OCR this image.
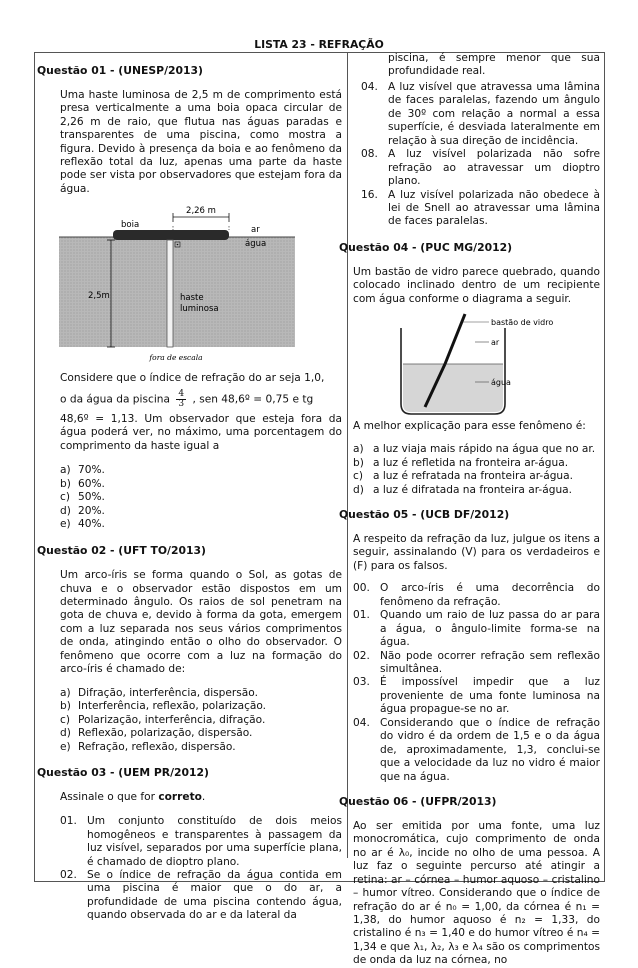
LISTA 23 - REFRAÇÃO
Questão 01 - (UNESP/2013)
Uma haste luminosa de 2,5 m de comprimento está presa verticalmente a uma boia opaca circular de 2,26 m de raio, que flutua nas águas paradas e transparentes de uma piscina, como mostra a figura. Devido à presença da boia e ao fenômeno da reflexão total da luz, apenas uma parte da haste pode ser vista por observadores que estejam fora da água.
2,26 m
boia	ar
água
2,5m	haste
luminosa
fora de escala
Considere que o índice de refração do ar seja 1,0,
o da água da piscina $\frac{4}{3}$ , sen 48,6º = 0,75 e tg
48,6º = 1,13. Um observador que esteja fora da água poderá ver, no máximo, uma porcentagem do comprimento da haste igual a
a) 70%.
b) 60%.
c) 50%.
d) 20%.
e) 40%.
Questão 02 - (UFT TO/2013)
Um arco-íris se forma quando o Sol, as gotas de chuva e o observador estão dispostos em um determinado ângulo. Os raios de sol penetram na gota de chuva e, devido à forma da gota, emergem com a luz separada nos seus vários comprimentos de onda, atingindo então o olho do observador. O fenômeno que ocorre com a luz na formação do arco-íris é chamado de:
a) Difração, interferência, dispersão.
b) Interferência, reflexão, polarização.
c) Polarização, interferência, difração.
d) Reflexão, polarização, dispersão.
e) Refração, reflexão, dispersão.
Questão 03 - (UEM PR/2012)
Assinale o que for correto.
01. Um conjunto constituído de dois meios homogêneos e transparentes à passagem da luz visível, separados por uma superfície plana, é chamado de dioptro plano.
02. Se o índice de refração da água contida em uma piscina é maior que o do ar, a profundidade de uma piscina contendo água, quando observada do ar e da lateral da
piscina, é sempre menor que sua profundidade real.
04. A luz visível que atravessa uma lâmina de faces paralelas, fazendo um ângulo de 30º com relação a normal a essa superfície, é desviada lateralmente em relação à sua direção de incidência.
08. A luz visível polarizada não sofre refração ao atravessar um dioptro plano.
16. A luz visível polarizada não obedece à lei de Snell ao atravessar uma lâmina de faces paralelas.
Questão 04 - (PUC MG/2012)
Um bastão de vidro parece quebrado, quando colocado inclinado dentro de um recipiente com água conforme o diagrama a seguir.
bastão de vidro
ar
água
A melhor explicação para esse fenômeno é:
a) a luz viaja mais rápido na água que no ar.
b) a luz é refletida na fronteira ar-água.
c) a luz é refratada na fronteira ar-água.
d) a luz é difratada na fronteira ar-água.
Questão 05 - (UCB DF/2012)
A respeito da refração da luz, julgue os itens a seguir, assinalando (V) para os verdadeiros e (F) para os falsos.
00. O arco-íris é uma decorrência do fenômeno da refração.
01. Quando um raio de luz passa do ar para a água, o ângulo-limite forma-se na água.
02. Não pode ocorrer refração sem reflexão simultânea.
03. É impossível impedir que a luz proveniente de uma fonte luminosa na água propague-se no ar.
04. Considerando que o índice de refração do vidro é da ordem de 1,5 e o da água de, aproximadamente, 1,3, conclui-se que a velocidade da luz no vidro é maior que na água.
Questão 06 - (UFPR/2013)
Ao ser emitida por uma fonte, uma luz monocromática, cujo comprimento de onda no ar é λ₀, incide no olho de uma pessoa. A luz faz o seguinte percurso até atingir a retina: ar – córnea – humor aquoso – cristalino – humor vítreo. Considerando que o índice de refração do ar é n₀ = 1,00, da córnea é n₁ = 1,38, do humor aquoso é n₂ = 1,33, do cristalino é n₃ = 1,40 e do humor vítreo é n₄ = 1,34 e que λ₁, λ₂, λ₃ e λ₄ são os comprimentos de onda da luz na córnea, no
